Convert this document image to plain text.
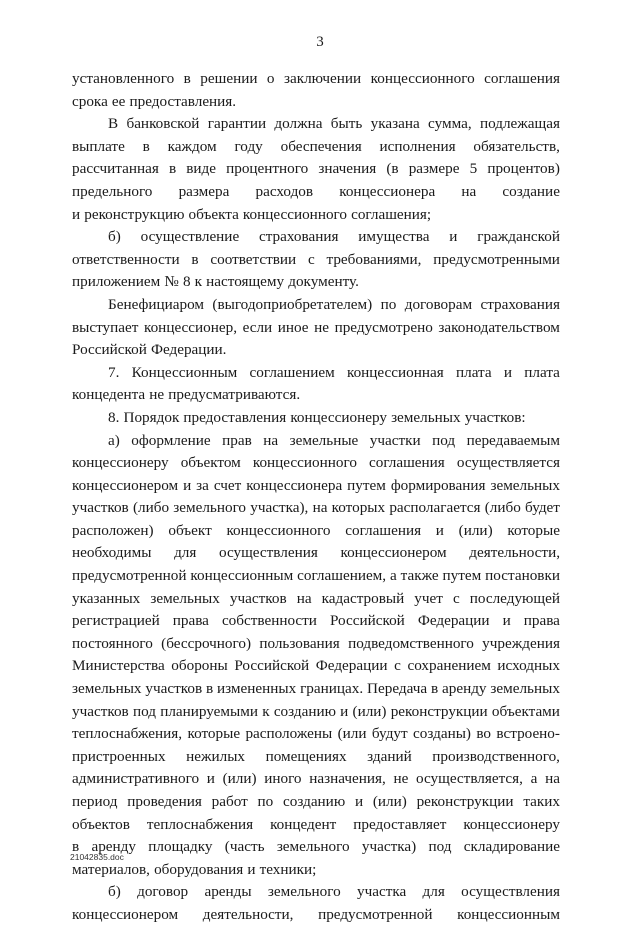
3
установленного в решении о заключении концессионного соглашения
срока ее предоставления.
В банковской гарантии должна быть указана сумма, подлежащая
выплате в каждом году обеспечения исполнения обязательств,
рассчитанная в виде процентного значения (в размере 5 процентов)
предельного размера расходов концессионера на создание
и реконструкцию объекта концессионного соглашения;
б) осуществление страхования имущества и гражданской
ответственности в соответствии с требованиями, предусмотренными
приложением № 8 к настоящему документу.
Бенефициаром (выгодоприобретателем) по договорам страхования
выступает концессионер, если иное не предусмотрено законодательством
Российской Федерации.
7. Концессионным соглашением концессионная плата и плата
концедента не предусматриваются.
8. Порядок предоставления концессионеру земельных участков:
а) оформление прав на земельные участки под передаваемым
концессионеру объектом концессионного соглашения осуществляется
концессионером и за счет концессионера путем формирования земельных
участков (либо земельного участка), на которых располагается (либо будет
расположен) объект концессионного соглашения и (или) которые
необходимы для осуществления концессионером деятельности,
предусмотренной концессионным соглашением, а также путем постановки
указанных земельных участков на кадастровый учет с последующей
регистрацией права собственности Российской Федерации и права
постоянного (бессрочного) пользования подведомственного учреждения
Министерства обороны Российской Федерации с сохранением исходных
земельных участков в измененных границах. Передача в аренду земельных
участков под планируемыми к созданию и (или) реконструкции объектами
теплоснабжения, которые расположены (или будут созданы) во встроено-
пристроенных нежилых помещениях зданий производственного,
административного и (или) иного назначения, не осуществляется, а на
период проведения работ по созданию и (или) реконструкции таких
объектов теплоснабжения концедент предоставляет концессионеру
в аренду площадку (часть земельного участка) под складирование
материалов, оборудования и техники;
б) договор аренды земельного участка для осуществления
концессионером деятельности, предусмотренной концессионным
21042835.doc
